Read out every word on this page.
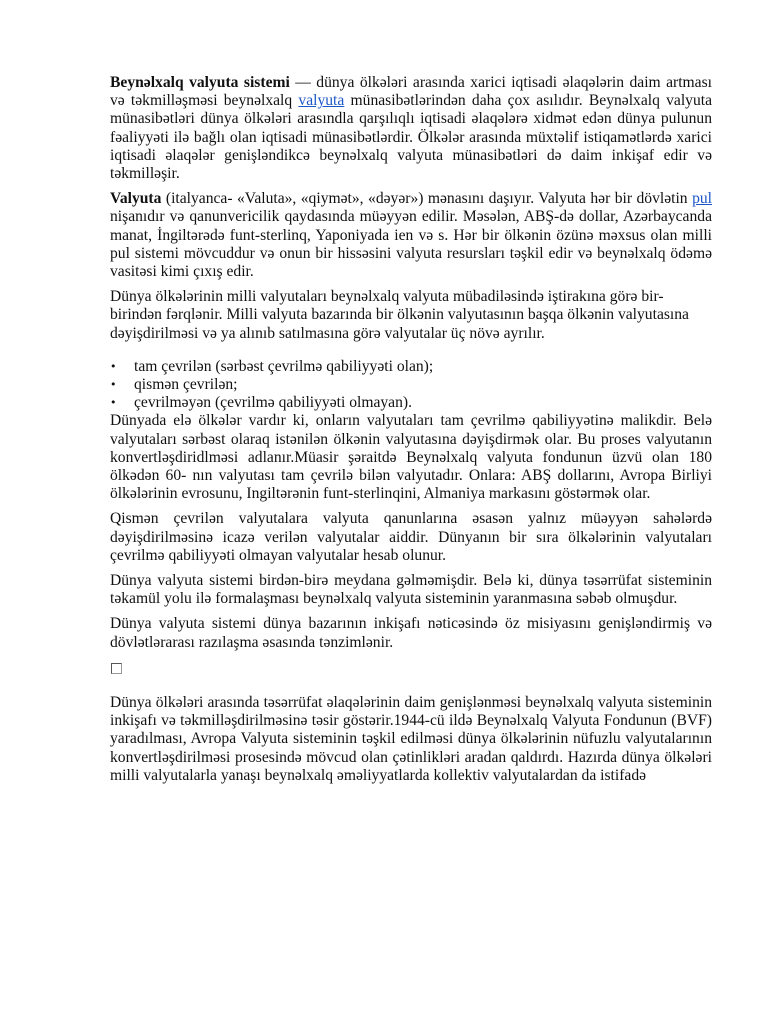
Beynəlxalq valyuta sistemi — dünya ölkələri arasında xarici iqtisadi əlaqələrin daim artması və təkmilləşməsi beynəlxalq valyuta münasibətlərindən daha çox asılıdır. Beynəlxalq valyuta münasibətləri dünya ölkələri arasındla qarşılıqlı iqtisadi əlaqələrə xidmət edən dünya pulunun fəaliyyəti ilə bağlı olan iqtisadi münasibətlərdir. Ölkələr arasında müxtəlif istiqamətlərdə xarici iqtisadi əlaqələr genişləndikcə beynəlxalq valyuta münasibətləri də daim inkişaf edir və təkmilləşir.

Valyuta (italyanca- «Valuta», «qiymət», «dəyər») mənasını daşıyır. Valyuta hər bir dövlətin pul nişanıdır və qanunvericilik qaydasında müəyyən edilir. Məsələn, ABŞ-də dollar, Azərbaycanda manat, İngiltərədə funt-sterlinq, Yaponiyada ien və s. Hər bir ölkənin özünə məxsus olan milli pul sistemi mövcuddur və onun bir hissəsini valyuta resursları təşkil edir və beynəlxalq ödəmə vasitəsi kimi çıxış edir.

Dünya ölkələrinin milli valyutaları beynəlxalq valyuta mübadiləsində iştirakına görə bir-birindən fərqlənir. Milli valyuta bazarında bir ölkənin valyutasının başqa ölkənin valyutasına dəyişdirilməsi və ya alınıb satılmasına görə valyutalar üç növə ayrılır.

• tam çevrilən (sərbəst çevrilmə qabiliyyəti olan);
• qismən çevrilən;
• çevrilməyən (çevrilmə qabiliyyəti olmayan).

Dünyada elə ölkələr vardır ki, onların valyutaları tam çevrilmə qabiliyyətinə malikdir. Belə valyutaları sərbəst olaraq istənilən ölkənin valyutasına dəyişdirmək olar. Bu proses valyutanın konvertləşdiridlməsi adlanır.Müasir şəraitdə Beynəlxalq valyuta fondunun üzvü olan 180 ölkədən 60- nın valyutası tam çevrilə bilən valyutadır. Onlara: ABŞ dollarını, Avropa Birliyi ölkələrinin evrosunu, Ingiltərənin funt-sterlinqini, Almaniya markasını göstərmək olar.

Qismən çevrilən valyutalara valyuta qanunlarına əsasən yalnız müəyyən sahələrdə dəyişdirilməsinə icazə verilən valyutalar aiddir. Dünyanın bir sıra ölkələrinin valyutaları çevrilmə qabiliyyəti olmayan valyutalar hesab olunur.

Dünya valyuta sistemi birdən-birə meydana gəlməmişdir. Belə ki, dünya təsərrüfat sisteminin təkamül yolu ilə formalaşması beynəlxalq valyuta sisteminin yaranmasına səbəb olmuşdur.

Dünya valyuta sistemi dünya bazarının inkişafı nəticəsində öz misiyasını genişləndirmiş və dövlətlərarası razılaşma əsasında tənzimlənir.

Dünya ölkələri arasında təsərrüfat əlaqələrinin daim genişlənməsi beynəlxalq valyuta sisteminin inkişafı və təkmilləşdirilməsinə təsir göstərir.1944-cü ildə Beynəlxalq Valyuta Fondunun (BVF) yaradılması, Avropa Valyuta sisteminin təşkil edilməsi dünya ölkələrinin nüfuzlu valyutalarının konvertləşdirilməsi prosesində mövcud olan çətinlikləri aradan qaldırdı. Hazırda dünya ölkələri milli valyutalarla yanaşı beynəlxalq əməliyyatlarda kollektiv valyutalardan da istifadə
